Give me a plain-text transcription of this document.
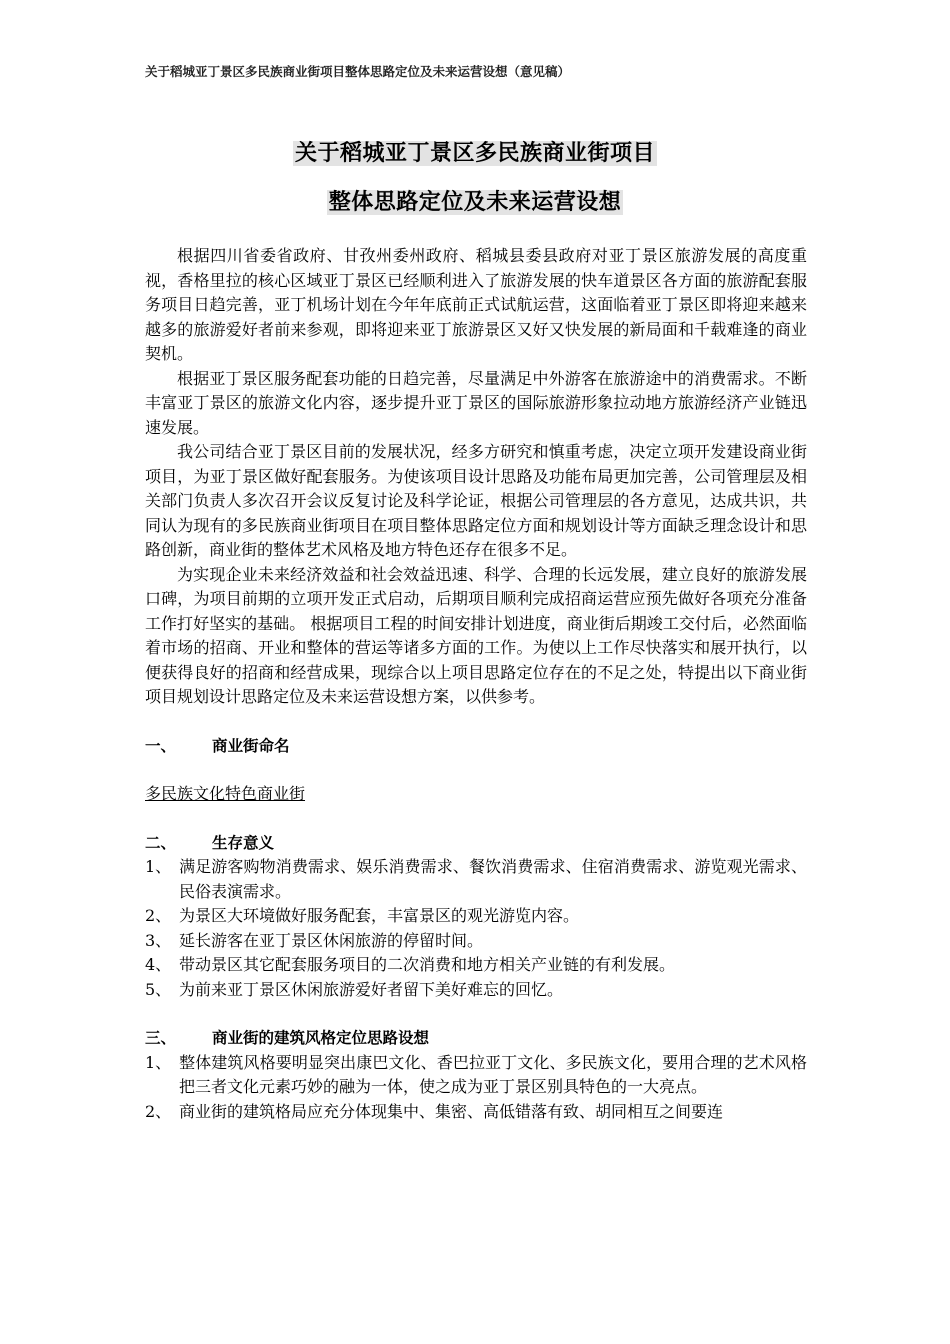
关于稻城亚丁景区多民族商业街项目整体思路定位及未来运营设想（意见稿）
关于稻城亚丁景区多民族商业街项目
整体思路定位及未来运营设想

根据四川省委省政府、甘孜州委州政府、稻城县委县政府对亚丁景区旅游发展的高度重视，香格里拉的核心区域亚丁景区已经顺利进入了旅游发展的快车道景区各方面的旅游配套服务项目日趋完善，亚丁机场计划在今年年底前正式试航运营，这面临着亚丁景区即将迎来越来越多的旅游爱好者前来参观，即将迎来亚丁旅游景区又好又快发展的新局面和千载难逢的商业契机。

根据亚丁景区服务配套功能的日趋完善，尽量满足中外游客在旅游途中的消费需求。不断丰富亚丁景区的旅游文化内容，逐步提升亚丁景区的国际旅游形象拉动地方旅游经济产业链迅速发展。

我公司结合亚丁景区目前的发展状况，经多方研究和慎重考虑，决定立项开发建设商业街项目，为亚丁景区做好配套服务。为使该项目设计思路及功能布局更加完善，公司管理层及相关部门负责人多次召开会议反复讨论及科学论证，根据公司管理层的各方意见，达成共识，共同认为现有的多民族商业街项目在项目整体思路定位方面和规划设计等方面缺乏理念设计和思路创新，商业街的整体艺术风格及地方特色还存在很多不足。

为实现企业未来经济效益和社会效益迅速、科学、合理的长远发展，建立良好的旅游发展口碑，为项目前期的立项开发正式启动，后期项目顺利完成招商运营应预先做好各项充分准备工作打好坚实的基础。 根据项目工程的时间安排计划进度，商业街后期竣工交付后，必然面临着市场的招商、开业和整体的营运等诸多方面的工作。为使以上工作尽快落实和展开执行，以便获得良好的招商和经营成果，现综合以上项目思路定位存在的不足之处，特提出以下商业街项目规划设计思路定位及未来运营设想方案，以供参考。

一、 商业街命名

多民族文化特色商业街

二、 生存意义

1、 满足游客购物消费需求、娱乐消费需求、餐饮消费需求、住宿消费需求、游览观光需求、民俗表演需求。

2、 为景区大环境做好服务配套，丰富景区的观光游览内容。

3、 延长游客在亚丁景区休闲旅游的停留时间。

4、 带动景区其它配套服务项目的二次消费和地方相关产业链的有利发展。

5、 为前来亚丁景区休闲旅游爱好者留下美好难忘的回忆。

三、 商业街的建筑风格定位思路设想

1、 整体建筑风格要明显突出康巴文化、香巴拉亚丁文化、多民族文化，要用合理的艺术风格把三者文化元素巧妙的融为一体，使之成为亚丁景区别具特色的一大亮点。

2、 商业街的建筑格局应充分体现集中、集密、高低错落有致、胡同相互之间要连
